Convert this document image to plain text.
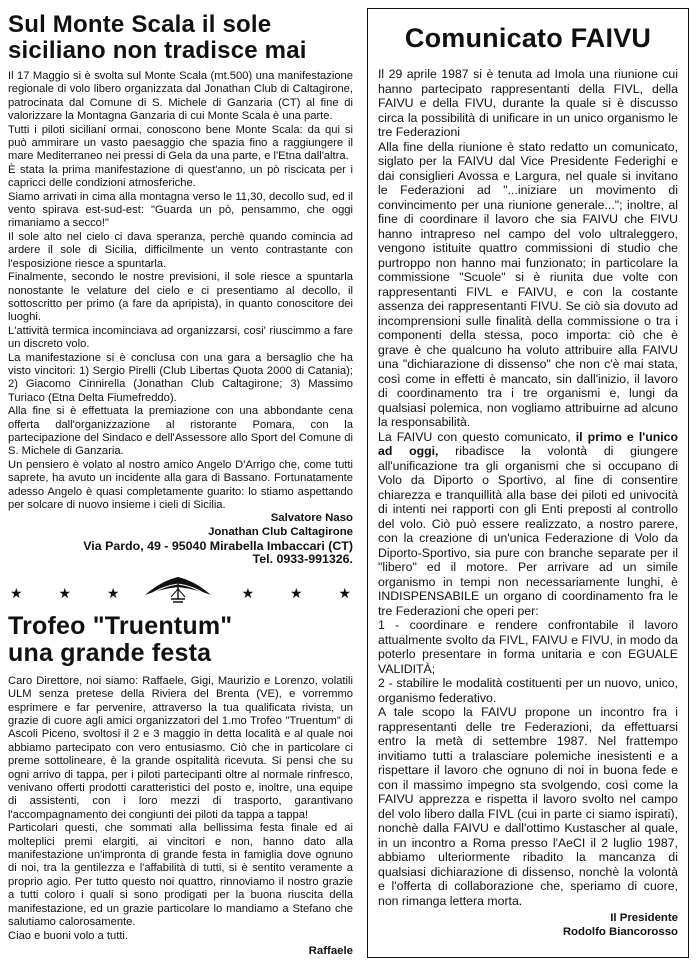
Sul Monte Scala il sole
siciliano non tradisce mai

Il 17 Maggio si è svolta sul Monte Scala (mt.500) una manifestazione regionale di volo libero organizzata dal Jonathan Club di Caltagirone, patrocinata dal Comune di S. Michele di Ganzaria (CT) al fine di valorizzare la Montagna Ganzaria di cui Monte Scala è una parte.

Tutti i piloti siciliani ormai, conoscono bene Monte Scala: da qui si può ammirare un vasto paesaggio che spazia fino a raggiungere il mare Mediterraneo nei pressi di Gela da una parte, e l'Etna dall'altra.

È stata la prima manifestazione di quest'anno, un pò riscicata per i capricci delle condizioni atmosferiche.

Siamo arrivati in cima alla montagna verso le 11,30, decollo sud, ed il vento spirava est-sud-est: "Guarda un pò, pensammo, che oggi rimaniamo a secco!"

Il sole alto nel cielo ci dava speranza, perchè quando comincia ad ardere il sole di Sicilia, difficilmente un vento contrastante con l'esposizione riesce a spuntarla.

Finalmente, secondo le nostre previsioni, il sole riesce a spuntarla nonostante le velature del cielo e ci presentiamo al decollo, il sottoscritto per primo (a fare da apripista), in quanto conoscitore dei luoghi.

L'attività termica incominciava ad organizzarsi, cosi' riuscimmo a fare un discreto volo.

La manifestazione si è conclusa con una gara a bersaglio che ha visto vincitori: 1) Sergio Pirelli (Club Libertas Quota 2000 di Catania); 2) Giacomo Cinnirella (Jonathan Club Caltagirone; 3) Massimo Turiaco (Etna Delta Fiumefreddo).

Alla fine si è effettuata la premiazione con una abbondante cena offerta dall'organizzazione al ristorante Pomara, con la partecipazione del Sindaco e dell'Assessore allo Sport del Comune di S. Michele di Ganzaria.

Un pensiero è volato al nostro amico Angelo D'Arrigo che, come tutti saprete, ha avuto un incidente alla gara di Bassano. Fortunatamente adesso Angelo è quasi completamente guarito: lo stiamo aspettando per solcare di nuovo insieme i cieli di Sicilia.

Salvatore Naso
Jonathan Club Caltagirone
Via Pardo, 49 - 95040 Mirabella Imbaccari (CT)
Tel. 0933-991326.
★ ★ ★	★ ★ ★
Trofeo "Truentum"
una grande festa

Caro Direttore, noi siamo: Raffaele, Gigi, Maurizio e Lorenzo, volatili ULM senza pretese della Riviera del Brenta (VE), e vorremmo esprimere e far pervenire, attraverso la tua qualificata rivista, un grazie di cuore agli amici organizzatori del 1.mo Trofeo "Truentum" di Ascoli Piceno, svoltosi il 2 e 3 maggio in detta località e al quale noi abbiamo partecipato con vero entusiasmo. Ciò che in particolare ci preme sottolineare, è la grande ospitalità ricevuta. Si pensi che su ogni arrivo di tappa, per i piloti partecipanti oltre al normale rinfresco, venivano offerti prodotti caratteristici del posto e, inoltre, una equipe di assistenti, con i loro mezzi di trasporto, garantivano l'accompagnamento dei congiunti dei piloti da tappa a tappa!

Particolari questi, che sommati alla bellissima festa finale ed ai molteplici premi elargiti, ai vincitori e non, hanno dato alla manifestazione un'impronta di grande festa in famiglia dove ognuno di noi, tra la gentilezza e l'affabilità di tutti, si è sentito veramente a proprio agio. Per tutto questo noi quattro, rinnoviamo il nostro grazie a tutti coloro i quali si sono prodigati per la buona riuscita della manifestazione, ed un grazie particolare lo mandiamo a Stefano che salutiamo calorosamente.

Ciao e buoni volo a tutti.

Raffaele
Comunicato FAIVU

Il 29 aprile 1987 si è tenuta ad Imola una riunione cui hanno partecipato rappresentanti della FIVL, della FAIVU e della FIVU, durante la quale si è discusso circa la possibilità di unificare in un unico organismo le tre Federazioni

Alla fine della riunione è stato redatto un comunicato, siglato per la FAIVU dal Vice Presidente Federighi e dai consiglieri Avossa e Largura, nel quale si invitano le Federazioni ad "...iniziare un movimento di convincimento per una riunione generale..."; inoltre, al fine di coordinare il lavoro che sia FAIVU che FIVU hanno intrapreso nel campo del volo ultraleggero, vengono istituite quattro commissioni di studio che purtroppo non hanno mai funzionato; in particolare la commissione "Scuole" si è riunita due volte con rappresentanti FIVL e FAIVU, e con la costante assenza dei rappresentanti FIVU. Se ciò sia dovuto ad incomprensioni sulle finalità della commissione o tra i componenti della stessa, poco importa: ciò che è grave è che qualcuno ha voluto attribuire alla FAIVU una "dichiarazione di dissenso" che non c'è mai stata, così come in effetti è mancato, sin dall'inizio, il lavoro di coordinamento tra i tre organismi e, lungi da qualsiasi polemica, non vogliamo attribuirne ad alcuno la responsabilità.

La FAIVU con questo comunicato, il primo e l'unico ad oggi, ribadisce la volontà di giungere all'unificazione tra gli organismi che si occupano di Volo da Diporto o Sportivo, al fine di consentire chiarezza e tranquillità alla base dei piloti ed univocità di intenti nei rapporti con gli Enti preposti al controllo del volo. Ciò può essere realizzato, a nostro parere, con la creazione di un'unica Federazione di Volo da Diporto-Sportivo, sia pure con branche separate per il "libero" ed il motore. Per arrivare ad un simile organismo in tempi non necessariamente lunghi, è INDISPENSABILE un organo di coordinamento fra le tre Federazioni che operi per:

1 - coordinare e rendere confrontabile il lavoro attualmente svolto da FIVL, FAIVU e FIVU, in modo da poterlo presentare in forma unitaria e con EGUALE VALIDITÀ;

2 - stabilire le modalità costituenti per un nuovo, unico, organismo federativo.

A tale scopo la FAIVU propone un incontro fra i rappresentanti delle tre Federazioni, da effettuarsi entro la metà di settembre 1987. Nel frattempo invitiamo tutti a tralasciare polemiche inesistenti e a rispettare il lavoro che ognuno di noi in buona fede e con il massimo impegno sta svolgendo, così come la FAIVU apprezza e rispetta il lavoro svolto nel campo del volo libero dalla FIVL (cui in parte ci siamo ispirati), nonchè dalla FAIVU e dall'ottimo Kustascher al quale, in un incontro a Roma presso l'AeCI il 2 luglio 1987, abbiamo ulteriormente ribadito la mancanza di qualsiasi dichiarazione di dissenso, nonchè la volontà e l'offerta di collaborazione che, speriamo di cuore, non rimanga lettera morta.

Il Presidente
Rodolfo Biancorosso
